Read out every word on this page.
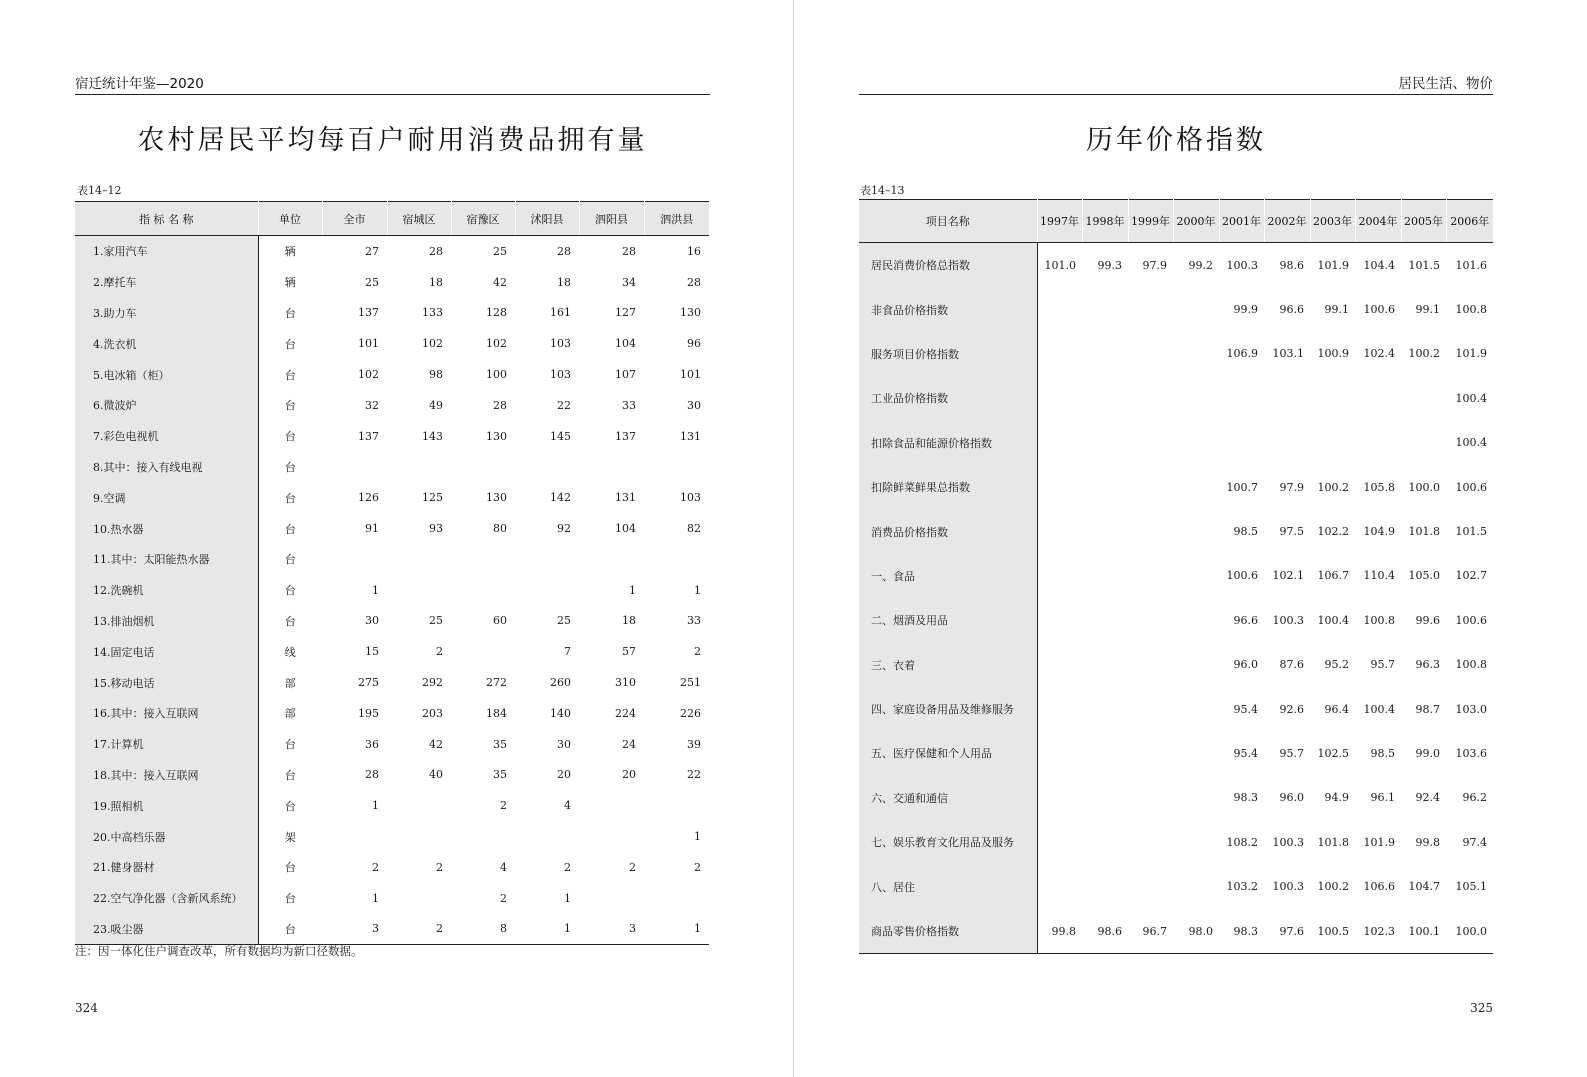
宿迁统计年鉴—2020
农村居民平均每百户耐用消费品拥有量
表14–12
指 标 名 称	单位	全市	宿城区	宿豫区	沭阳县	泗阳县	泗洪县
1.家用汽车	辆	27	28	25	28	28	16
2.摩托车	辆	25	18	42	18	34	28
3.助力车	台	137	133	128	161	127	130
4.洗衣机	台	101	102	102	103	104	96
5.电冰箱（柜）	台	102	98	100	103	107	101
6.微波炉	台	32	49	28	22	33	30
7.彩色电视机	台	137	143	130	145	137	131
8.其中：接入有线电视	台						
9.空调	台	126	125	130	142	131	103
10.热水器	台	91	93	80	92	104	82
11.其中：太阳能热水器	台						
12.洗碗机	台	1				1	1
13.排油烟机	台	30	25	60	25	18	33
14.固定电话	线	15	2		7	57	2
15.移动电话	部	275	292	272	260	310	251
16.其中：接入互联网	部	195	203	184	140	224	226
17.计算机	台	36	42	35	30	24	39
18.其中：接入互联网	台	28	40	35	20	20	22
19.照相机	台	1		2	4		
20.中高档乐器	架						1
21.健身器材	台	2	2	4	2	2	2
22.空气净化器（含新风系统）	台	1		2	1		
23.吸尘器	台	3	2	8	1	3	1
注：因一体化住户调查改革，所有数据均为新口径数据。
324
居民生活、物价
历年价格指数
表14–13
325
项目名称	1997年	1998年	1999年	2000年	2001年	2002年	2003年	2004年	2005年	2006年
居民消费价格总指数	101.0	99.3	97.9	99.2	100.3	98.6	101.9	104.4	101.5	101.6
非食品价格指数					99.9	96.6	99.1	100.6	99.1	100.8
服务项目价格指数					106.9	103.1	100.9	102.4	100.2	101.9
工业品价格指数										100.4
扣除食品和能源价格指数										100.4
扣除鲜菜鲜果总指数					100.7	97.9	100.2	105.8	100.0	100.6
消费品价格指数					98.5	97.5	102.2	104.9	101.8	101.5
一、食品					100.6	102.1	106.7	110.4	105.0	102.7
二、烟酒及用品					96.6	100.3	100.4	100.8	99.6	100.6
三、衣着					96.0	87.6	95.2	95.7	96.3	100.8
四、家庭设备用品及维修服务					95.4	92.6	96.4	100.4	98.7	103.0
五、医疗保健和个人用品					95.4	95.7	102.5	98.5	99.0	103.6
六、交通和通信					98.3	96.0	94.9	96.1	92.4	96.2
七、娱乐教育文化用品及服务					108.2	100.3	101.8	101.9	99.8	97.4
八、居住					103.2	100.3	100.2	106.6	104.7	105.1
商品零售价格指数	99.8	98.6	96.7	98.0	98.3	97.6	100.5	102.3	100.1	100.0
